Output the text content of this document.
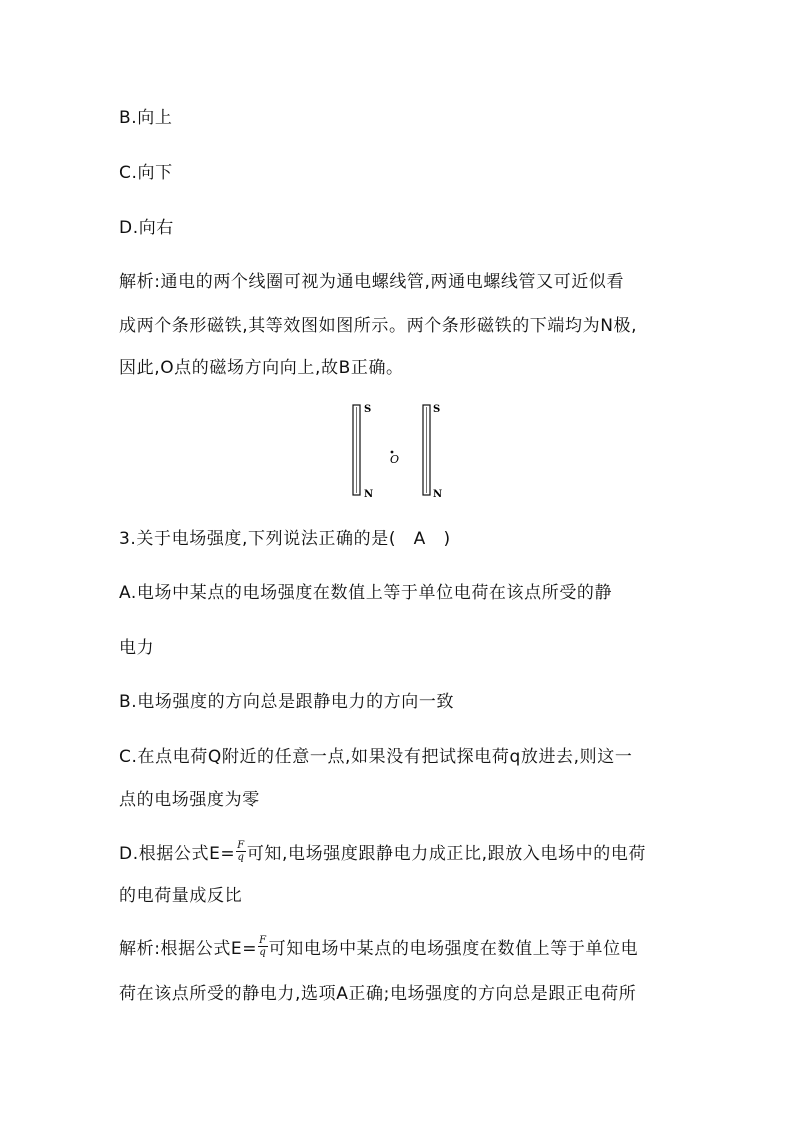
B.向上
C.向下
D.向右
解析:通电的两个线圈可视为通电螺线管,两通电螺线管又可近似看
成两个条形磁铁,其等效图如图所示。两个条形磁铁的下端均为N极,
因此,O点的磁场方向向上,故B正确。
S
N
S
N
O
3.关于电场强度,下列说法正确的是(　A　)
A.电场中某点的电场强度在数值上等于单位电荷在该点所受的静
电力
B.电场强度的方向总是跟静电力的方向一致
C.在点电荷Q附近的任意一点,如果没有把试探电荷q放进去,则这一
点的电场强度为零
D.根据公式$E= \frac{F}{q}$ 可知,电场强度跟静电力成正比,跟放入电场中的电荷
的电荷量成反比
解析:根据公式$E= \frac{F}{q}$ 可知电场中某点的电场强度在数值上等于单位电
荷在该点所受的静电力,选项A正确;电场强度的方向总是跟正电荷所
